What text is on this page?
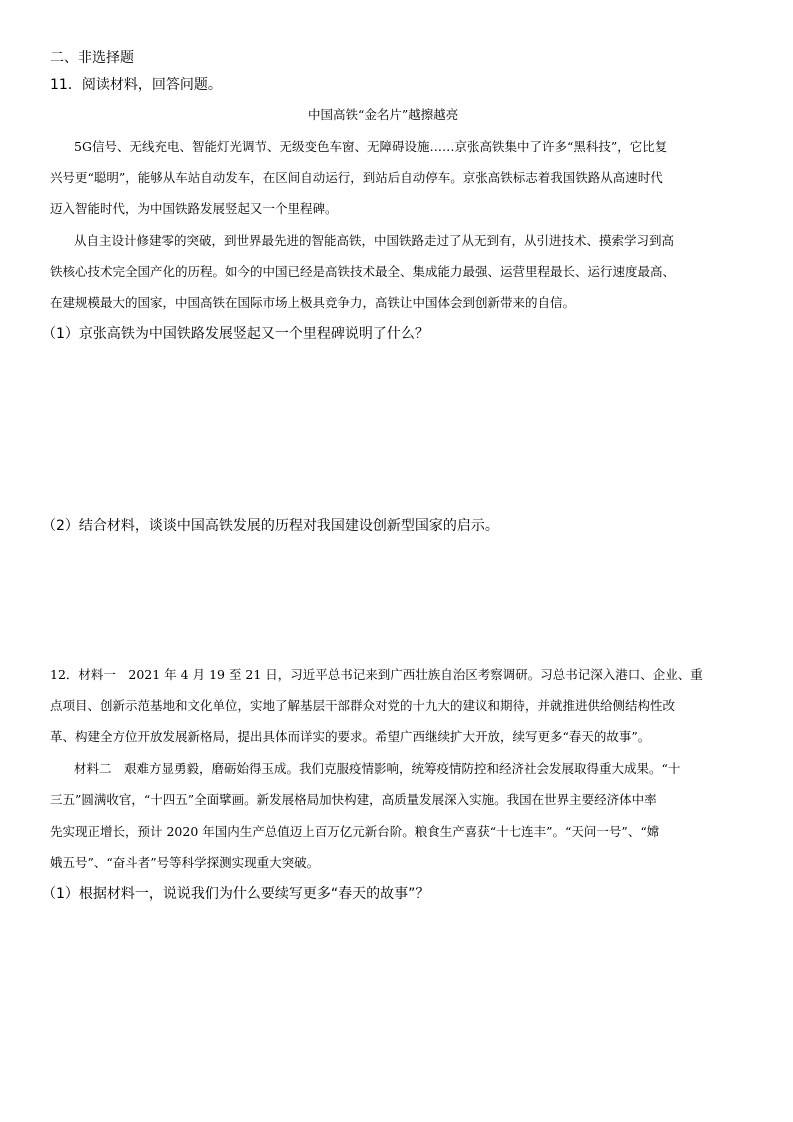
二、非选择题
11．阅读材料，回答问题。
中国高铁“金名片”越擦越亮
5G信号、无线充电、智能灯光调节、无级变色车窗、无障碍设施……京张高铁集中了许多“黑科技”，它比复
兴号更“聪明”，能够从车站自动发车，在区间自动运行，到站后自动停车。京张高铁标志着我国铁路从高速时代
迈入智能时代，为中国铁路发展竖起又一个里程碑。
从自主设计修建零的突破，到世界最先进的智能高铁，中国铁路走过了从无到有，从引进技术、摸索学习到高
铁核心技术完全国产化的历程。如今的中国已经是高铁技术最全、集成能力最强、运营里程最长、运行速度最高、
在建规模最大的国家，中国高铁在国际市场上极具竞争力，高铁让中国体会到创新带来的自信。
（1）京张高铁为中国铁路发展竖起又一个里程碑说明了什么？
（2）结合材料，谈谈中国高铁发展的历程对我国建设创新型国家的启示。
12．材料一　2021 年 4 月 19 至 21 日，习近平总书记来到广西壮族自治区考察调研。习总书记深入港口、企业、重
点项目、创新示范基地和文化单位，实地了解基层干部群众对党的十九大的建议和期待，并就推进供给侧结构性改
革、构建全方位开放发展新格局，提出具体而详实的要求。希望广西继续扩大开放，续写更多“春天的故事”。
材料二　艰难方显勇毅，磨砺始得玉成。我们克服疫情影响，统筹疫情防控和经济社会发展取得重大成果。“十
三五”圆满收官，“十四五”全面擘画。新发展格局加快构建，高质量发展深入实施。我国在世界主要经济体中率
先实现正增长，预计 2020 年国内生产总值迈上百万亿元新台阶。粮食生产喜获“十七连丰”。“天问一号”、“嫦
娥五号”、“奋斗者”号等科学探测实现重大突破。
（1）根据材料一，说说我们为什么要续写更多“春天的故事”？
